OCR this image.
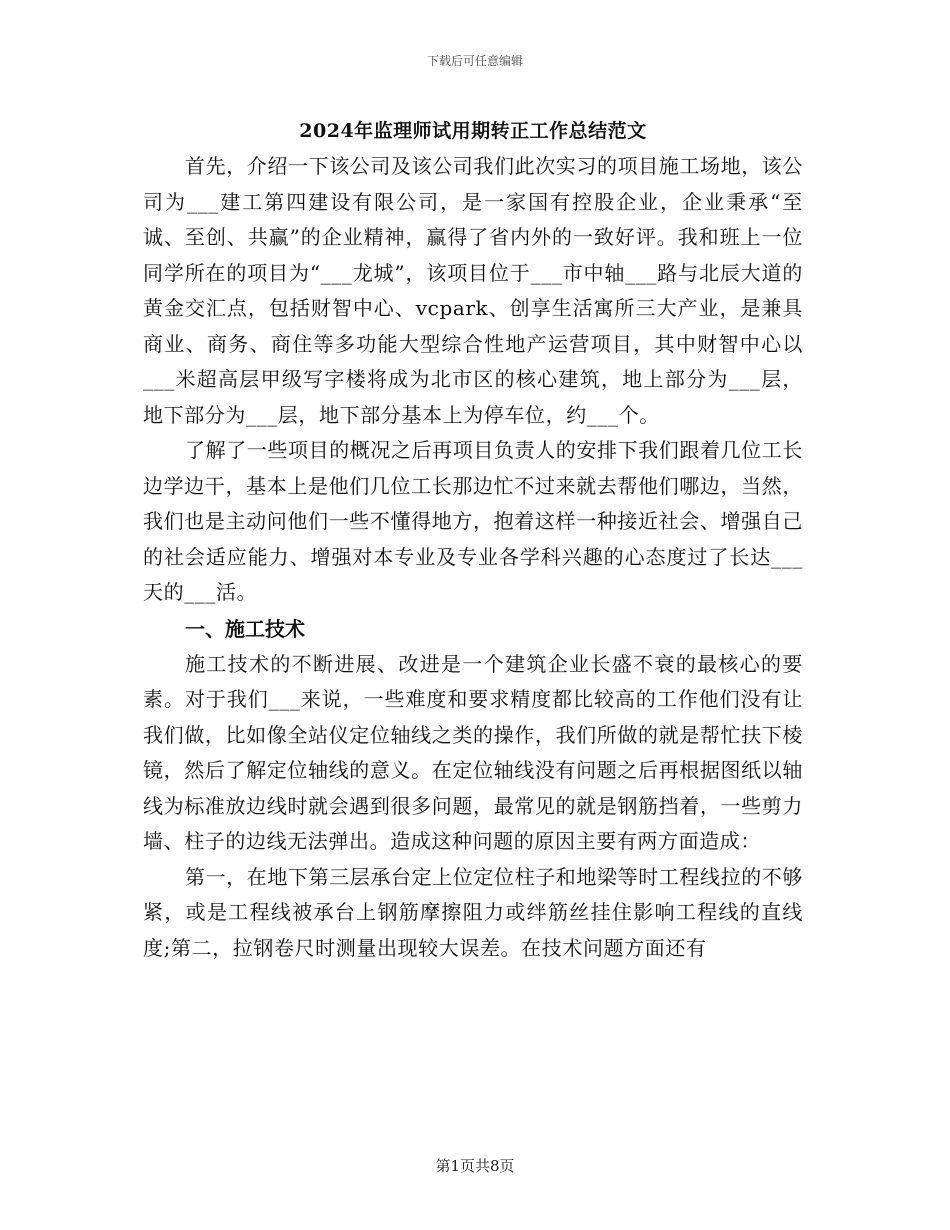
下载后可任意编辑
2024年监理师试用期转正工作总结范文

首先，介绍一下该公司及该公司我们此次实习的项目施工场地，该公司为___建工第四建设有限公司，是一家国有控股企业，企业秉承“至诚、至创、共赢”的企业精神，赢得了省内外的一致好评。我和班上一位同学所在的项目为“___龙城”，该项目位于___市中轴___路与北辰大道的黄金交汇点，包括财智中心、vcpark、创享生活寓所三大产业，是兼具商业、商务、商住等多功能大型综合性地产运营项目，其中财智中心以___米超高层甲级写字楼将成为北市区的核心建筑，地上部分为___层，地下部分为___层，地下部分基本上为停车位，约___个。

了解了一些项目的概况之后再项目负责人的安排下我们跟着几位工长边学边干，基本上是他们几位工长那边忙不过来就去帮他们哪边，当然，我们也是主动问他们一些不懂得地方，抱着这样一种接近社会、增强自己的社会适应能力、增强对本专业及专业各学科兴趣的心态度过了长达___天的___活。

一、施工技术

施工技术的不断进展、改进是一个建筑企业长盛不衰的最核心的要素。对于我们___来说，一些难度和要求精度都比较高的工作他们没有让我们做，比如像全站仪定位轴线之类的操作，我们所做的就是帮忙扶下棱镜，然后了解定位轴线的意义。在定位轴线没有问题之后再根据图纸以轴线为标准放边线时就会遇到很多问题，最常见的就是钢筋挡着，一些剪力墙、柱子的边线无法弹出。造成这种问题的原因主要有两方面造成：

第一，在地下第三层承台定上位定位柱子和地梁等时工程线拉的不够紧，或是工程线被承台上钢筋摩擦阻力或绊筋丝挂住影响工程线的直线度;第二，拉钢卷尺时测量出现较大误差。在技术问题方面还有

第1页共8页
